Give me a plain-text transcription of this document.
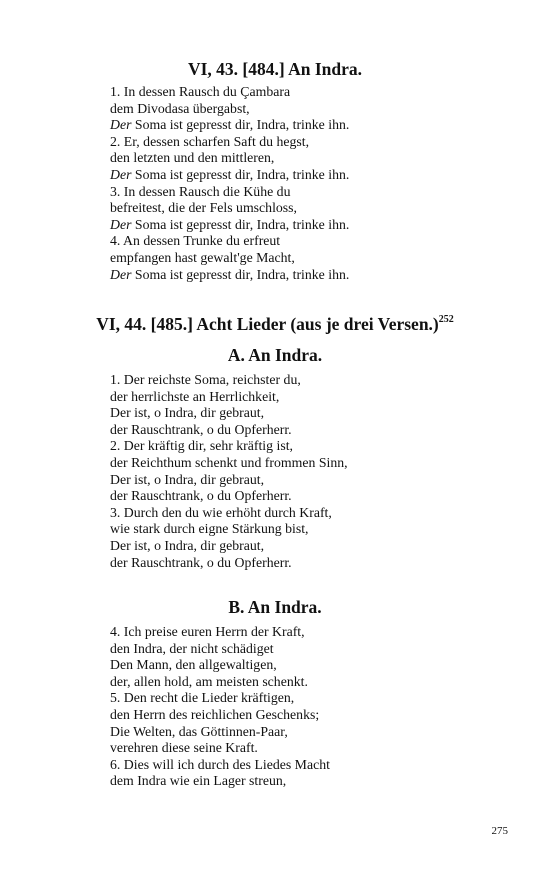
VI, 43. [484.] An Indra.
1. In dessen Rausch du Çambara
dem Divodasa übergabst,
Der Soma ist gepresst dir, Indra, trinke ihn.
2. Er, dessen scharfen Saft du hegst,
den letzten und den mittleren,
Der Soma ist gepresst dir, Indra, trinke ihn.
3. In dessen Rausch die Kühe du
befreitest, die der Fels umschloss,
Der Soma ist gepresst dir, Indra, trinke ihn.
4. An dessen Trunke du erfreut
empfangen hast gewalt'ge Macht,
Der Soma ist gepresst dir, Indra, trinke ihn.
VI, 44. [485.] Acht Lieder (aus je drei Versen.)$^{252}$
A. An Indra.
1. Der reichste Soma, reichster du,
der herrlichste an Herrlichkeit,
Der ist, o Indra, dir gebraut,
der Rauschtrank, o du Opferherr.
2. Der kräftig dir, sehr kräftig ist,
der Reichthum schenkt und frommen Sinn,
Der ist, o Indra, dir gebraut,
der Rauschtrank, o du Opferherr.
3. Durch den du wie erhöht durch Kraft,
wie stark durch eigne Stärkung bist,
Der ist, o Indra, dir gebraut,
der Rauschtrank, o du Opferherr.
B. An Indra.
4. Ich preise euren Herrn der Kraft,
den Indra, der nicht schädiget
Den Mann, den allgewaltigen,
der, allen hold, am meisten schenkt.
5. Den recht die Lieder kräftigen,
den Herrn des reichlichen Geschenks;
Die Welten, das Göttinnen-Paar,
verehren diese seine Kraft.
6. Dies will ich durch des Liedes Macht
dem Indra wie ein Lager streun,
275
